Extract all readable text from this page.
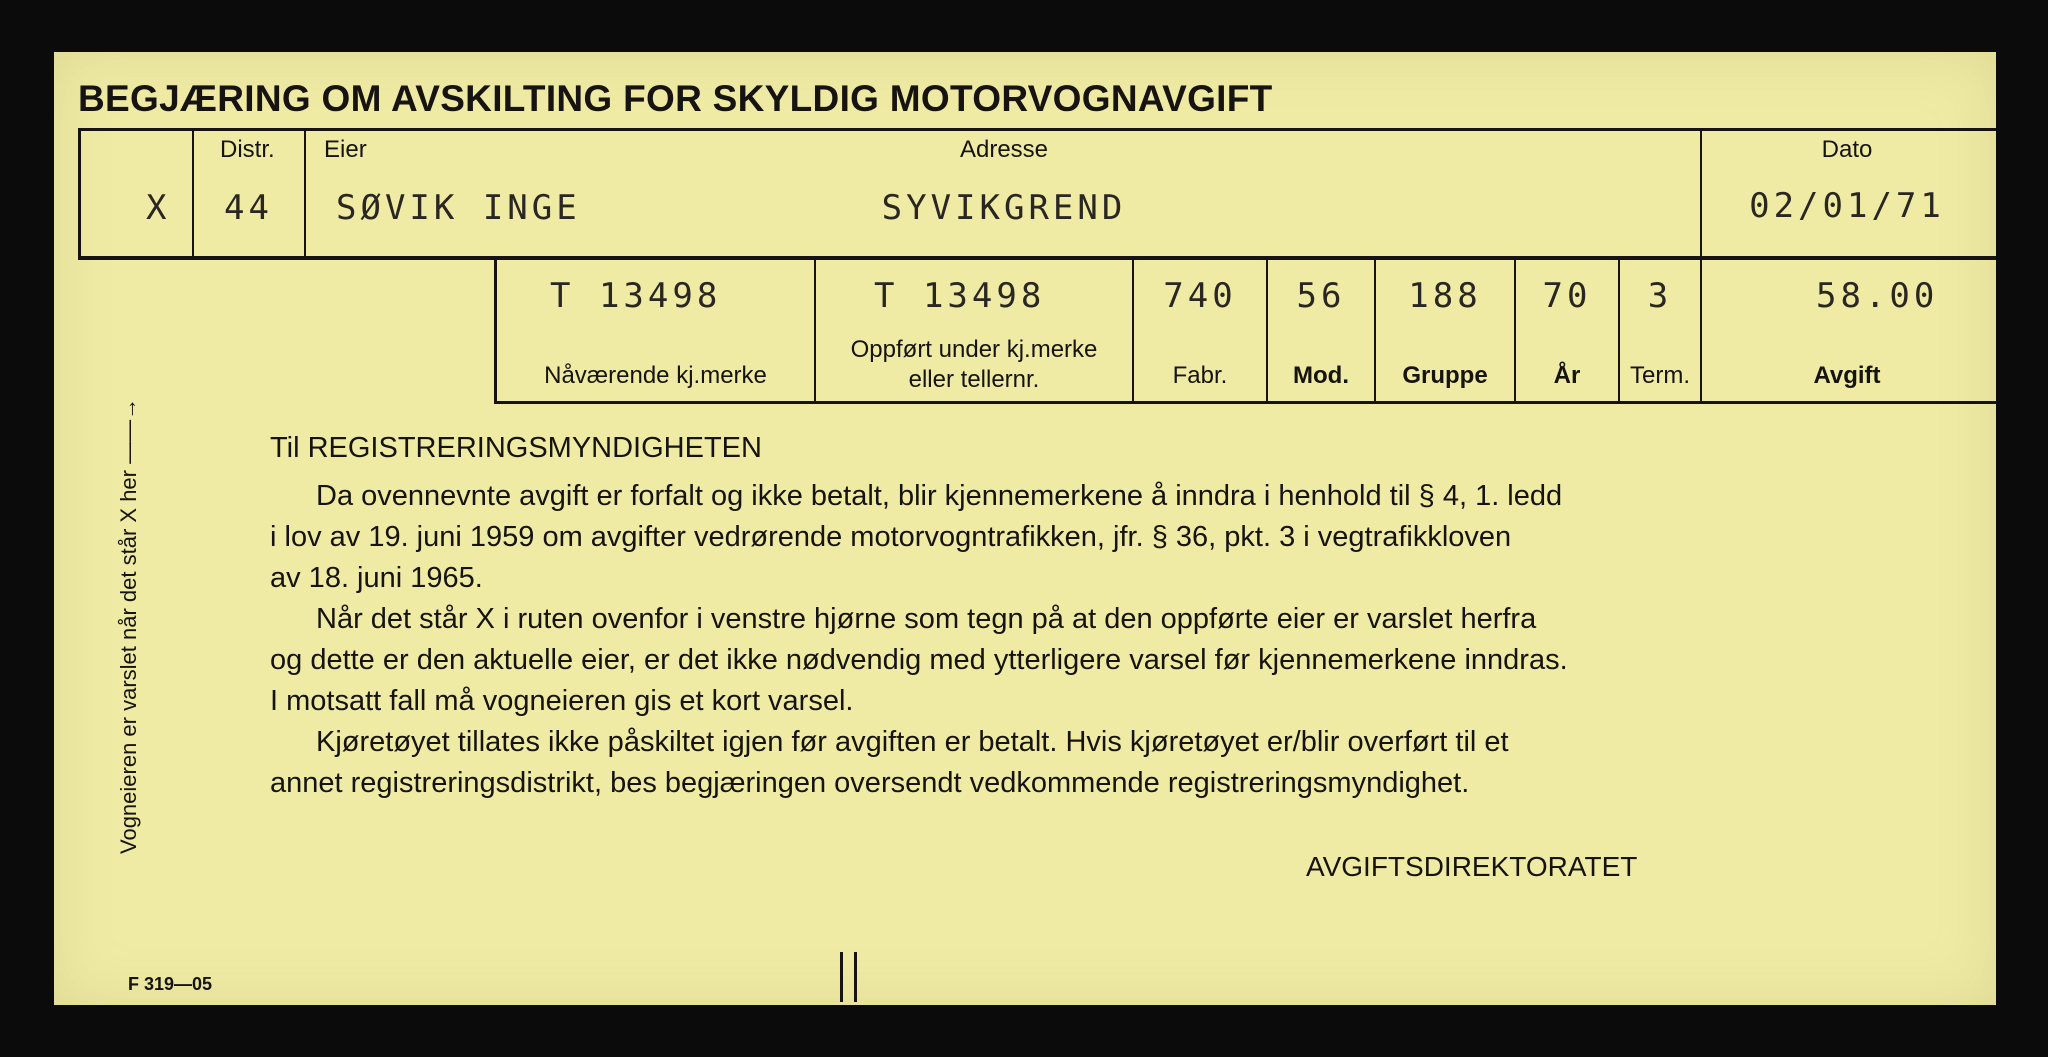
BEGJÆRING OM AVSKILTING FOR SKYLDIG MOTORVOGNAVGIFT
X
Distr.
44
Eier
SØVIK INGE
Adresse
SYVIKGREND
Dato
02/01/71
T 13498
Nåværende kj.merke
T 13498
Oppført under kj.merke
eller tellernr.
740
Fabr.
56
Mod.
188
Gruppe
70
År
3
Term.
58.00
Avgift
Til REGISTRERINGSMYNDIGHETEN
Da ovennevnte avgift er forfalt og ikke betalt, blir kjennemerkene å inndra i henhold til § 4, 1. ledd
i lov av 19. juni 1959 om avgifter vedrørende motorvogntrafikken, jfr. § 36, pkt. 3 i vegtrafikkloven
av 18. juni 1965.
Når det står X i ruten ovenfor i venstre hjørne som tegn på at den oppførte eier er varslet herfra
og dette er den aktuelle eier, er det ikke nødvendig med ytterligere varsel før kjennemerkene inndras.
I motsatt fall må vogneieren gis et kort varsel.
Kjøretøyet tillates ikke påskiltet igjen før avgiften er betalt. Hvis kjøretøyet er/blir overført til et
annet registreringsdistrikt, bes begjæringen oversendt vedkommende registreringsmyndighet.
AVGIFTSDIREKTORATET
Vogneieren er varslet når det står X her ——→
F 319—05
